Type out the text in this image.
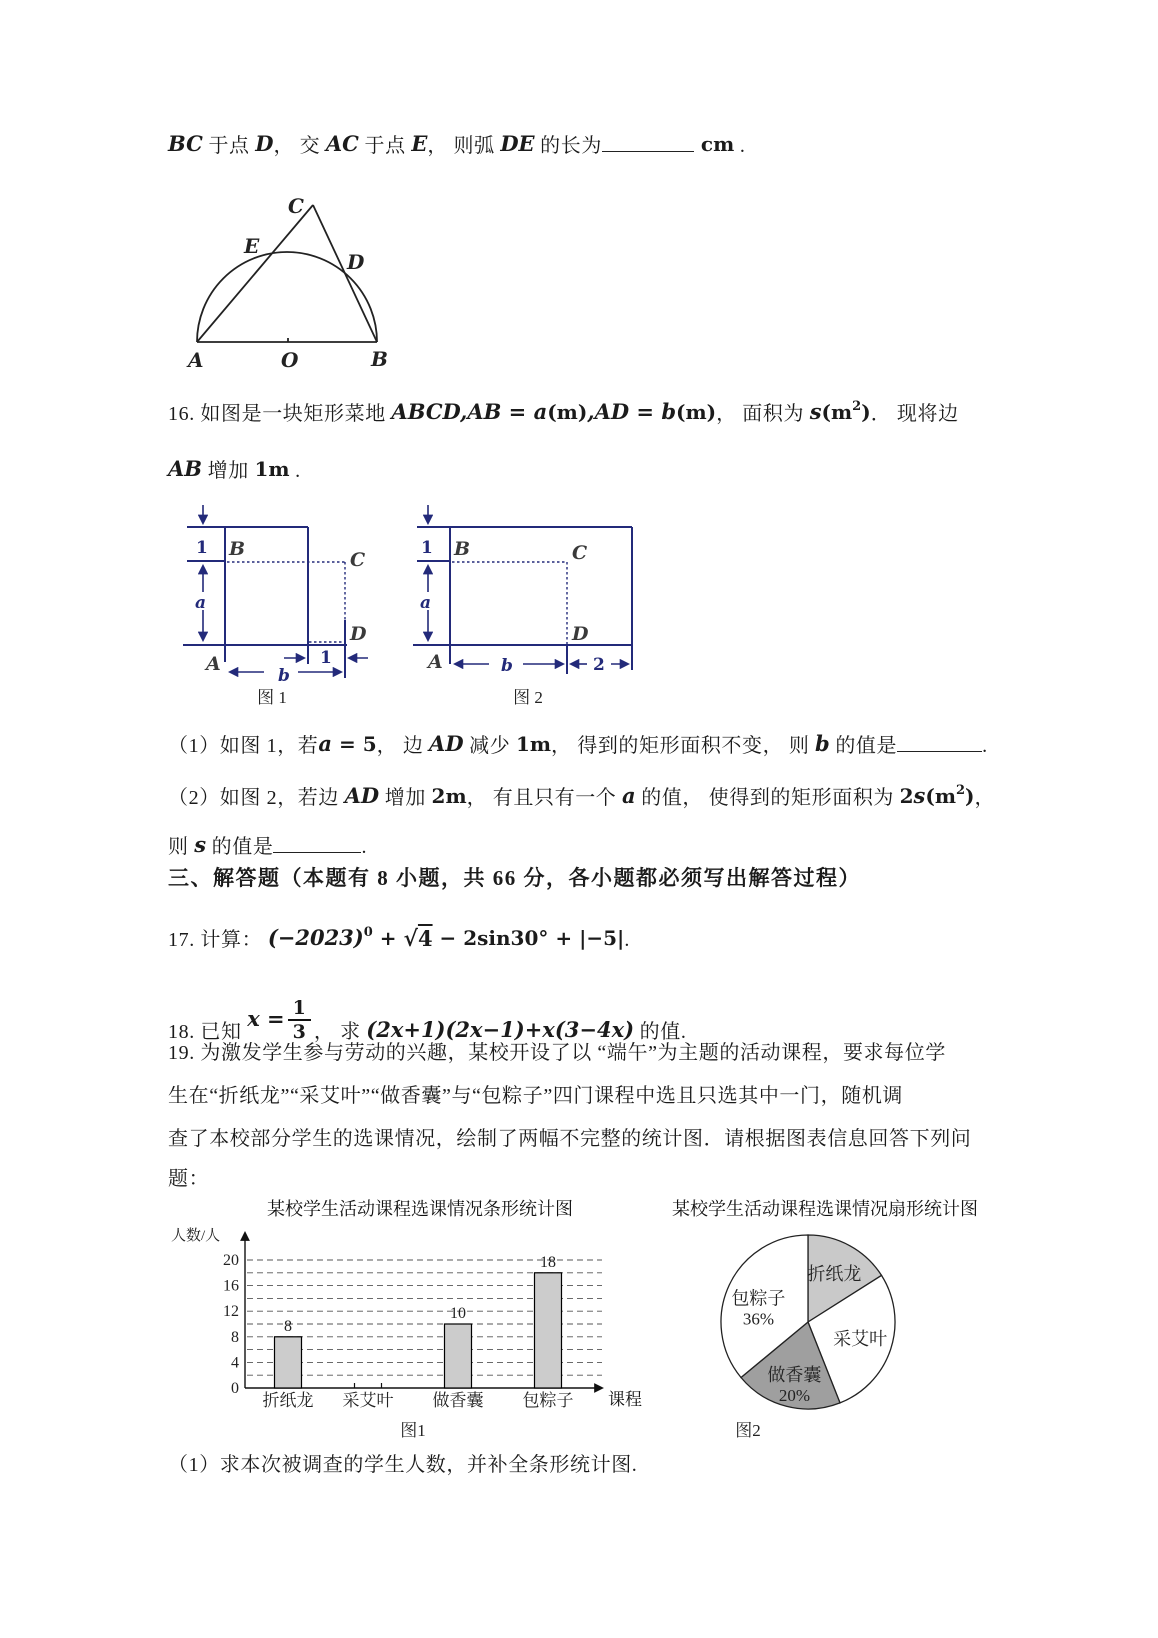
BC 于点 D， 交 AC 于点 E， 则弧 DE 的长为	cm .
C
E
D
A	O	B
16. 如图是一块矩形菜地 ABCD,AB = a(m),AD = b(m)， 面积为 $s(m^2)$． 现将边
AB 增加 1m .
1
a
B	C
D
A	1
b
图 1
1
a
B	C
D
A	b	2
图 2
（1）如图 1，若a = 5， 边 AD 减少 1m， 得到的矩形面积不变， 则 b 的值是	.
（2）如图 2，若边 AD 增加 2m， 有且只有一个 a 的值， 使得到的矩形面积为 $2s(m^2)$，
则 s 的值是	.
三、解答题（本题有 8 小题，共 66 分，各小题都必须写出解答过程）
17. 计算： $(-2023)^0 + √4 - 2\sin 30^\circ + |-5|$.
18. 已知 $x = \frac{1}{3}$ ， 求 (2x+1)(2x−1)+x(3−4x) 的值.
19. 为激发学生参与劳动的兴趣，某校开设了以 “端午”为主题的活动课程，要求每位学
生在“折纸龙”“采艾叶”“做香囊”与“包粽子”四门课程中选且只选其中一门，随机调
查了本校部分学生的选课情况，绘制了两幅不完整的统计图．请根据图表信息回答下列问
题：
某校学生活动课程选课情况条形统计图
人数/人
0
4
8
12
16
20
8
折纸龙 采艾叶
10
做香囊
18
包粽子 课程
图1
某校学生活动课程选课情况扇形统计图
折纸龙
采艾叶
做香囊
20%
包粽子
36%
图2
（1）求本次被调查的学生人数，并补全条形统计图.
